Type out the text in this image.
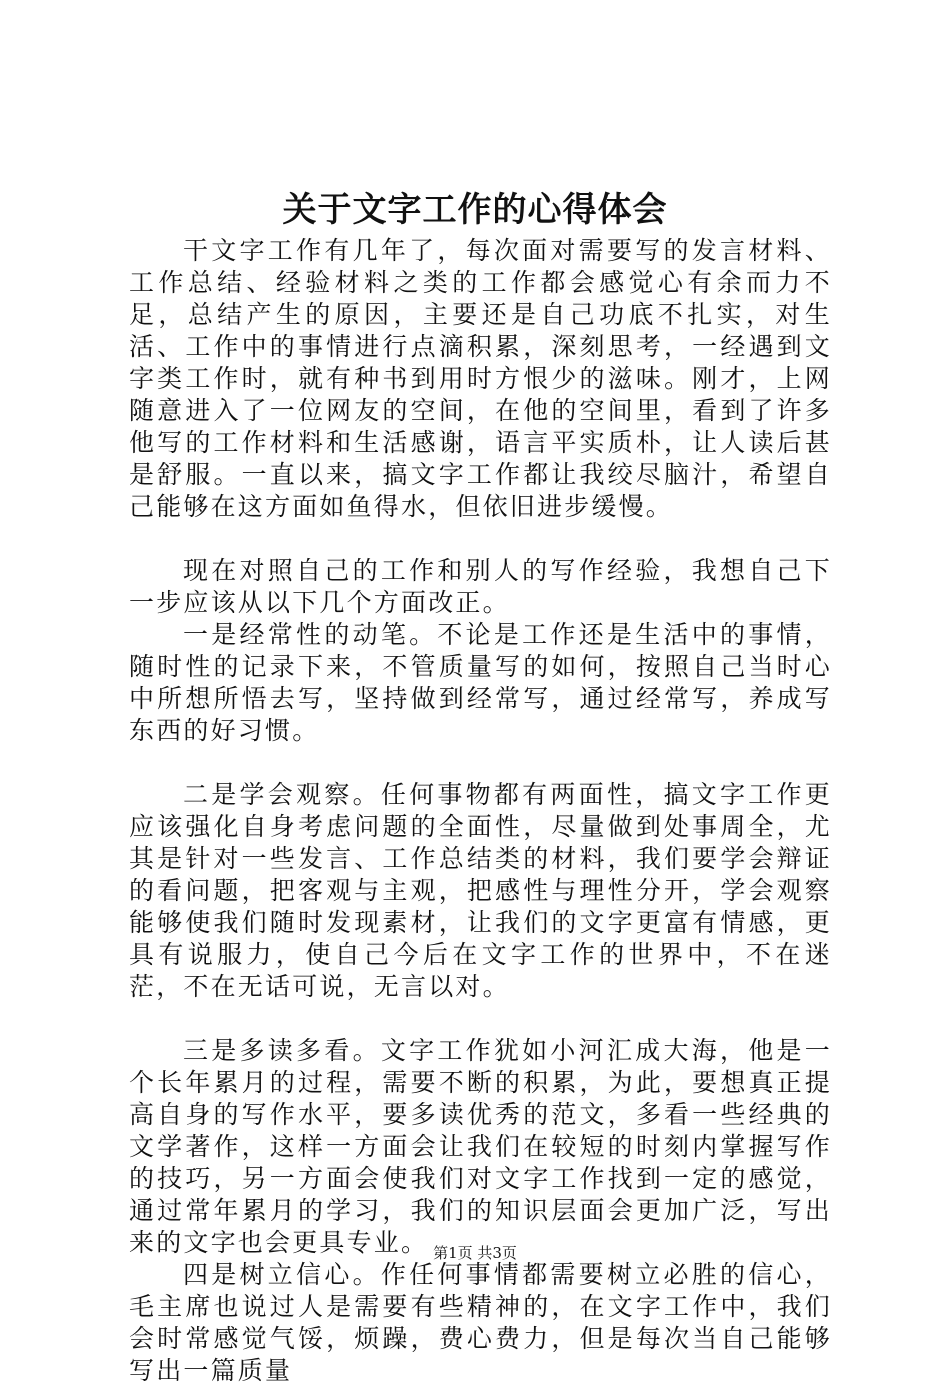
关于文字工作的心得体会

干文字工作有几年了，每次面对需要写的发言材料、工作总结、经验材料之类的工作都会感觉心有余而力不足，总结产生的原因，主要还是自己功底不扎实，对生活、工作中的事情进行点滴积累，深刻思考，一经遇到文字类工作时，就有种书到用时方恨少的滋味。刚才，上网随意进入了一位网友的空间，在他的空间里，看到了许多他写的工作材料和生活感谢，语言平实质朴，让人读后甚是舒服。一直以来，搞文字工作都让我绞尽脑汁，希望自己能够在这方面如鱼得水，但依旧进步缓慢。

现在对照自己的工作和别人的写作经验，我想自己下一步应该从以下几个方面改正。

一是经常性的动笔。不论是工作还是生活中的事情，随时性的记录下来，不管质量写的如何，按照自己当时心中所想所悟去写，坚持做到经常写，通过经常写，养成写东西的好习惯。

二是学会观察。任何事物都有两面性，搞文字工作更应该强化自身考虑问题的全面性，尽量做到处事周全，尤其是针对一些发言、工作总结类的材料，我们要学会辩证的看问题，把客观与主观，把感性与理性分开，学会观察能够使我们随时发现素材，让我们的文字更富有情感，更具有说服力，使自己今后在文字工作的世界中，不在迷茫，不在无话可说，无言以对。

三是多读多看。文字工作犹如小河汇成大海，他是一个长年累月的过程，需要不断的积累，为此，要想真正提高自身的写作水平，要多读优秀的范文，多看一些经典的文学著作，这样一方面会让我们在较短的时刻内掌握写作的技巧，另一方面会使我们对文字工作找到一定的感觉，通过常年累月的学习，我们的知识层面会更加广泛，写出来的文字也会更具专业。

四是树立信心。作任何事情都需要树立必胜的信心，毛主席也说过人是需要有些精神的，在文字工作中，我们会时常感觉气馁，烦躁，费心费力，但是每次当自己能够写出一篇质量

第1页 共3页
